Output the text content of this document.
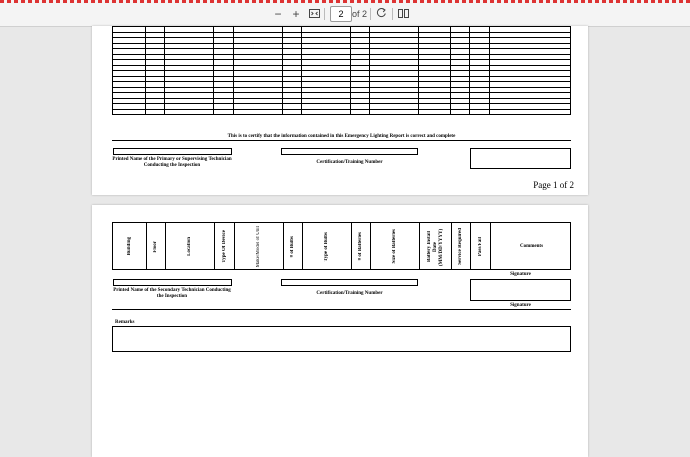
− +
2	of 2
This is to certify that the information contained in this Emergency Lighting Report is correct and complete
Printed Name of the Primary or Supervising Technician Conducting the Inspection
Certification/Training Number
Page 1 of 2
Building	Floor	Location	Type Of Device	Make/Model of Unit	# of Bulbs	Type of Bulbs	# of Batteries	Size of Batteries	Battery Install Date (MM/DD/YYYY)	Service Required	Pass/Fail	Comments
Signature
Printed Name of the Secondary Technician Conducting the Inspection
Certification/Training Number
Signature
Remarks
